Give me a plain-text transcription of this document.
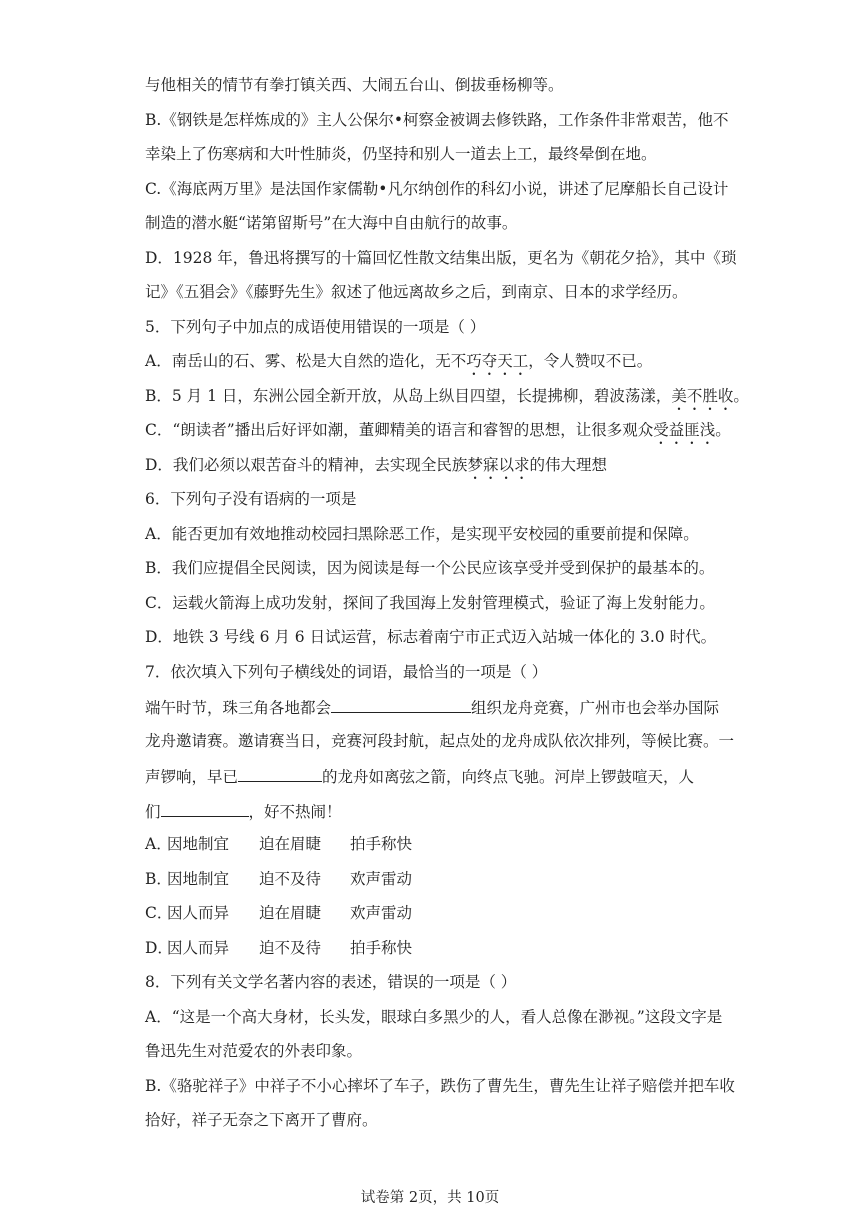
与他相关的情节有拳打镇关西、大闹五台山、倒拔垂杨柳等。
B.《钢铁是怎样炼成的》主人公保尔•柯察金被调去修铁路，工作条件非常艰苦，他不
幸染上了伤寒病和大叶性肺炎，仍坚持和别人一道去上工，最终晕倒在地。
C.《海底两万里》是法国作家儒勒•凡尔纳创作的科幻小说，讲述了尼摩船长自己设计
制造的潜水艇“诺第留斯号”在大海中自由航行的故事。
D．1928 年，鲁迅将撰写的十篇回忆性散文结集出版，更名为《朝花夕拾》，其中《琐
记》《五猖会》《藤野先生》叙述了他远离故乡之后，到南京、日本的求学经历。
5．下列句子中加点的成语使用错误的一项是（ ）
A．南岳山的石、雾、松是大自然的造化，无不巧夺天工，令人赞叹不已。
B．5 月 1 日，东洲公园全新开放，从岛上纵目四望，长提拂柳，碧波荡漾，美不胜收。
C．“朗读者”播出后好评如潮，董卿精美的语言和睿智的思想，让很多观众受益匪浅。
D．我们必须以艰苦奋斗的精神，去实现全民族梦寐以求的伟大理想
6．下列句子没有语病的一项是
A．能否更加有效地推动校园扫黑除恶工作，是实现平安校园的重要前提和保障。
B．我们应提倡全民阅读，因为阅读是每一个公民应该享受并受到保护的最基本的。
C．运载火箭海上成功发射，探间了我国海上发射管理模式，验证了海上发射能力。
D．地铁 3 号线 6 月 6 日试运营，标志着南宁市正式迈入站城一体化的 3.0 时代。
7．依次填入下列句子横线处的词语，最恰当的一项是（ ）
端午时节，珠三角各地都会	组织龙舟竞赛，广州市也会举办国际
龙舟邀请赛。邀请赛当日，竞赛河段封航，起点处的龙舟成队依次排列，等候比赛。一
声锣响，早已	的龙舟如离弦之箭，向终点飞驰。河岸上锣鼓喧天，人
们	，好不热闹！
A．因地制宜 迫在眉睫 拍手称快
B．因地制宜 迫不及待 欢声雷动
C．因人而异 迫在眉睫 欢声雷动
D．因人而异 迫不及待 拍手称快
8．下列有关文学名著内容的表述，错误的一项是（ ）
A．“这是一个高大身材，长头发，眼球白多黑少的人，看人总像在渺视。”这段文字是
鲁迅先生对范爱农的外表印象。
B.《骆驼祥子》中祥子不小心摔坏了车子，跌伤了曹先生，曹先生让祥子赔偿并把车收
拾好，祥子无奈之下离开了曹府。
试卷第 2页，共 10页
